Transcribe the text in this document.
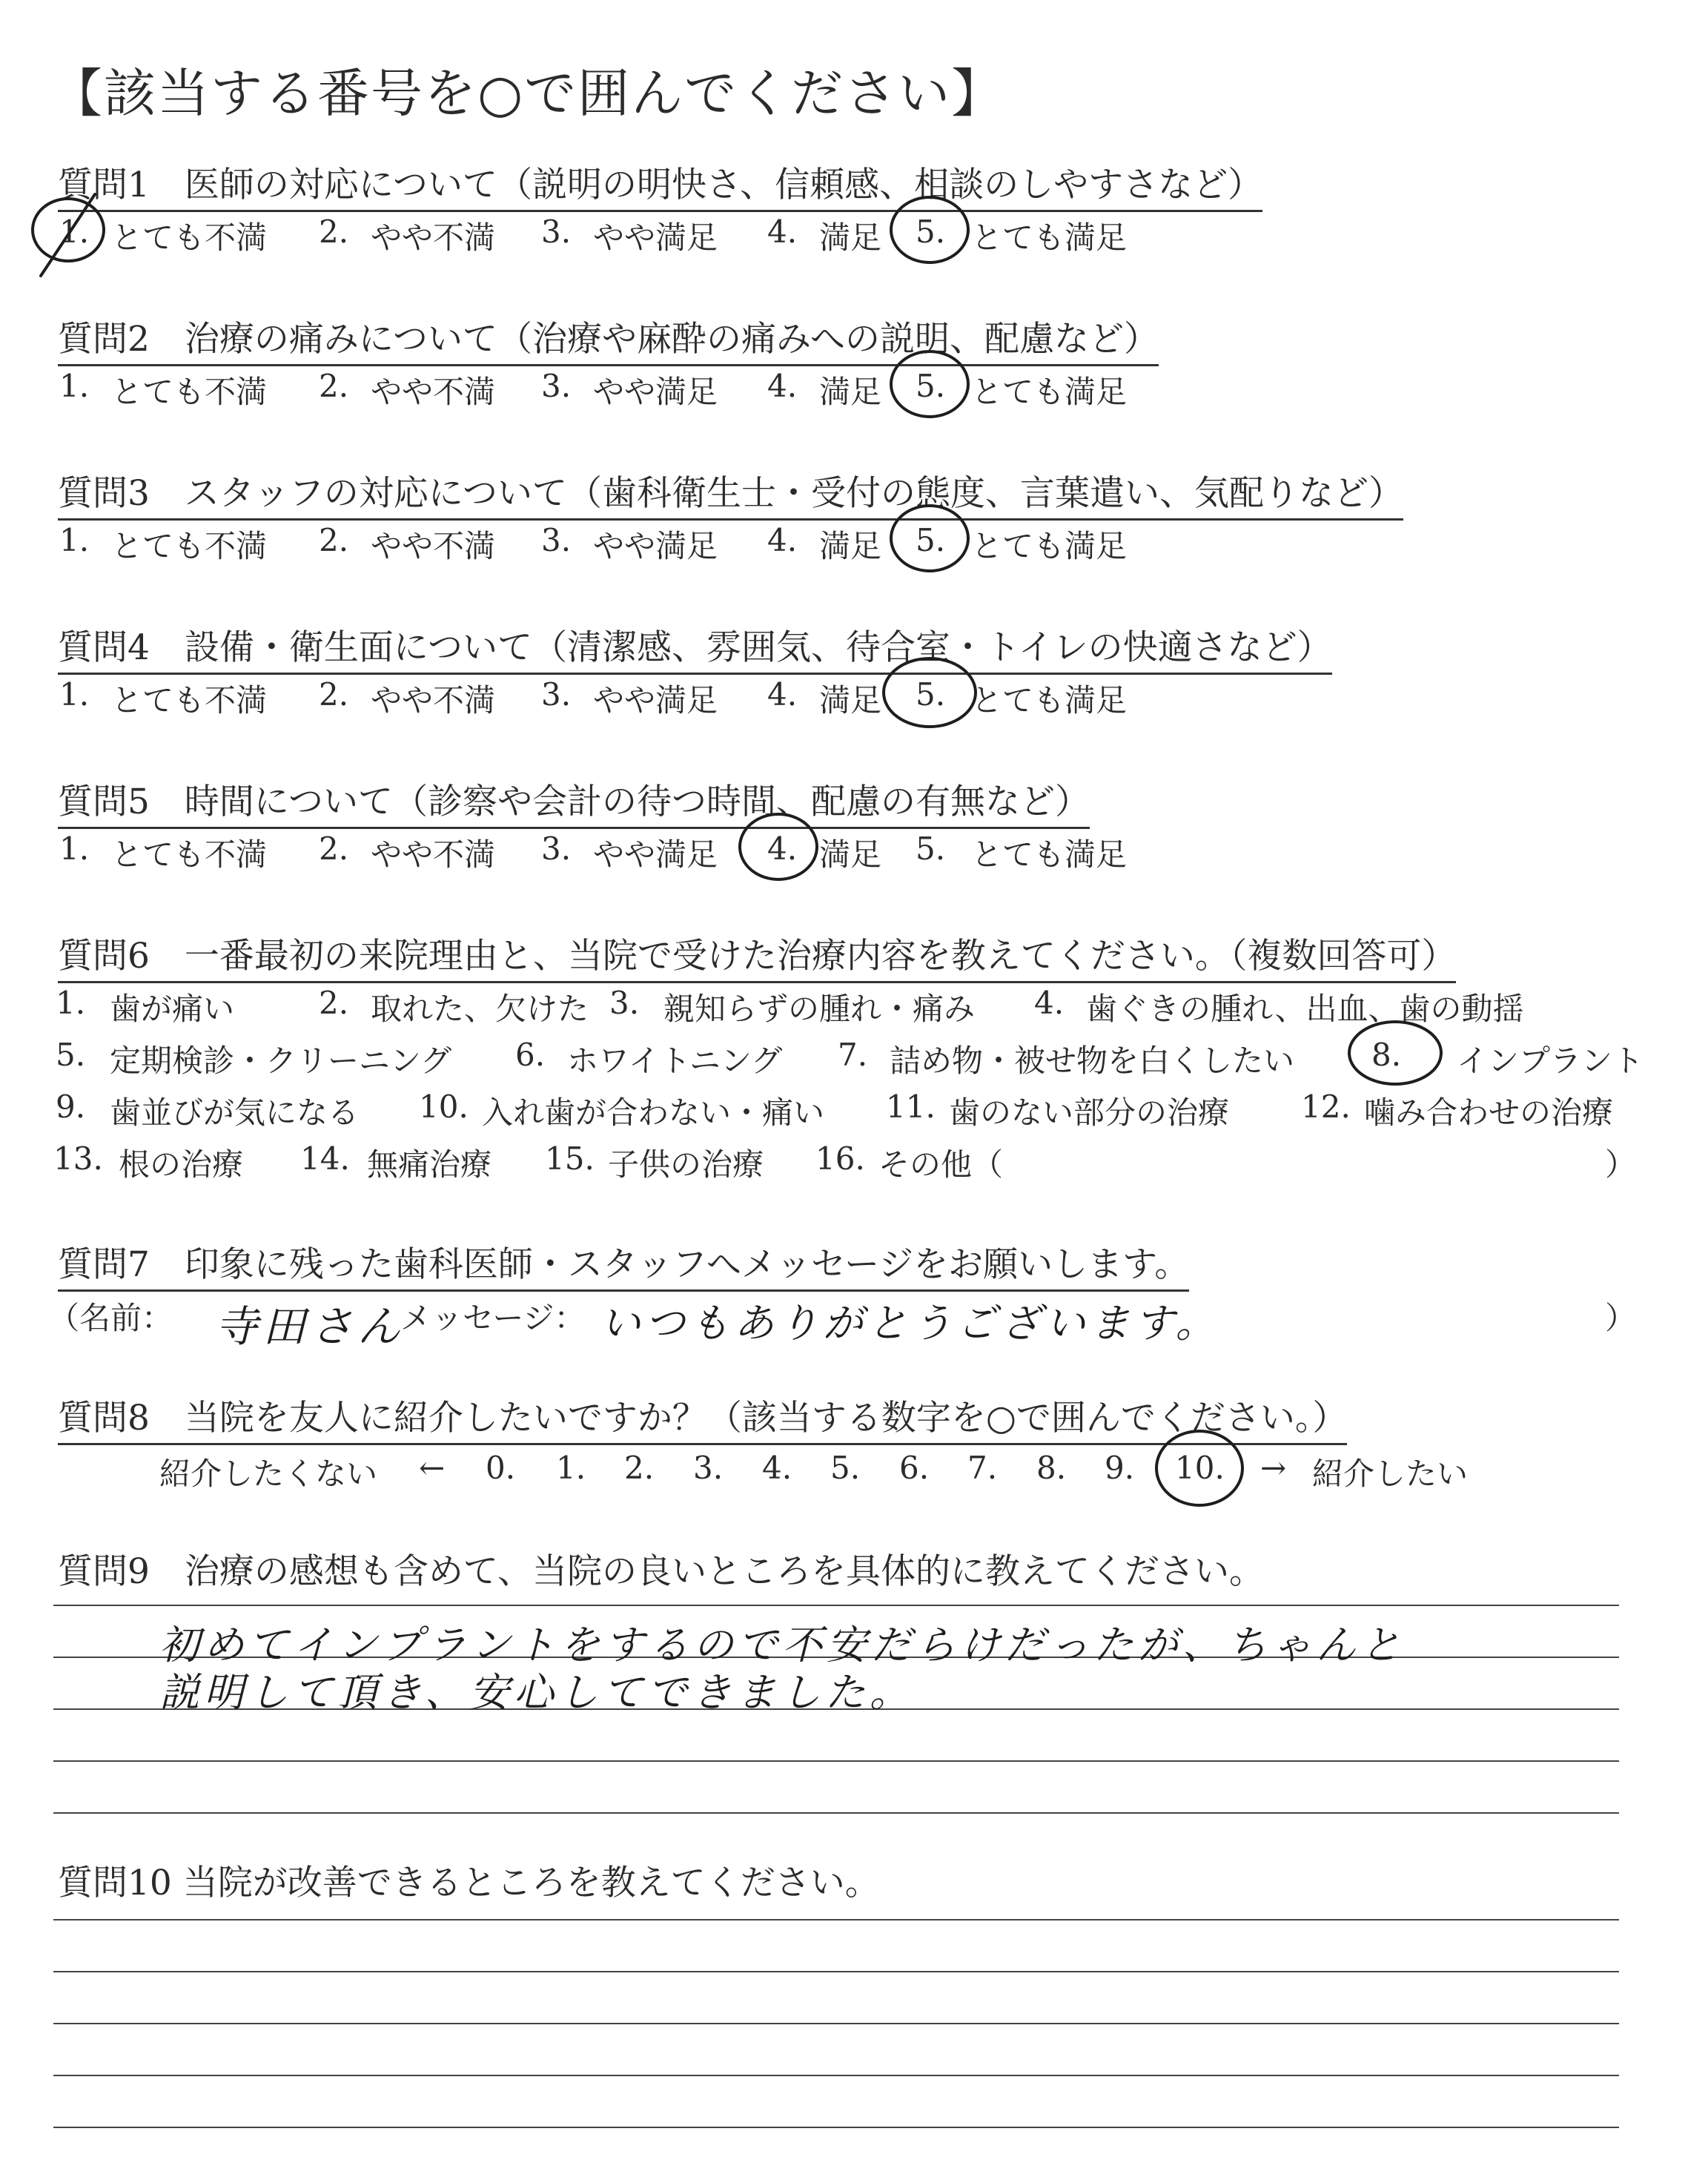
【該当する番号を○で囲んでください】
質問1　医師の対応について（説明の明快さ、信頼感、相談のしやすさなど）
1. とても不満 2. やや不満 3. やや満足 4. 満足 5. とても満足
質問2　治療の痛みについて（治療や麻酔の痛みへの説明、配慮など）
1. とても不満 2. やや不満 3. やや満足 4. 満足 5. とても満足
質問3　スタッフの対応について（歯科衛生士・受付の態度、言葉遣い、気配りなど）
1. とても不満 2. やや不満 3. やや満足 4. 満足 5. とても満足
質問4　設備・衛生面について（清潔感、雰囲気、待合室・トイレの快適さなど）
1. とても不満 2. やや不満 3. やや満足 4. 満足 5. とても満足
質問5　時間について（診察や会計の待つ時間、配慮の有無など）
1. とても不満 2. やや不満 3. やや満足 4. 満足 5. とても満足
質問6　一番最初の来院理由と、当院で受けた治療内容を教えてください。（複数回答可）
1. 歯が痛い	2. 取れた、欠けた 3. 親知らずの腫れ・痛み 4. 歯ぐきの腫れ、出血、歯の動揺
5. 定期検診・クリーニング 6. ホワイトニング 7. 詰め物・被せ物を白くしたい 8. インプラント
9. 歯並びが気になる 10. 入れ歯が合わない・痛い 11. 歯のない部分の治療 12. 噛み合わせの治療
13. 根の治療 14. 無痛治療 15. 子供の治療 16. その他（	）
質問7　印象に残った歯科医師・スタッフへメッセージをお願いします。
（名前： 寺田さん
メッセージ： いつもありがとうございます。	）
質問8　当院を友人に紹介したいですか？（該当する数字を○で囲んでください。）
紹介したくない ← 0. 1. 2. 3. 4. 5. 6. 7. 8. 9. 10. → 紹介したい
質問9　治療の感想も含めて、当院の良いところを具体的に教えてください。
初めてインプラントをするので不安だらけだったが、ちゃんと
説明して頂き、安心してできました。
質問10 当院が改善できるところを教えてください。
